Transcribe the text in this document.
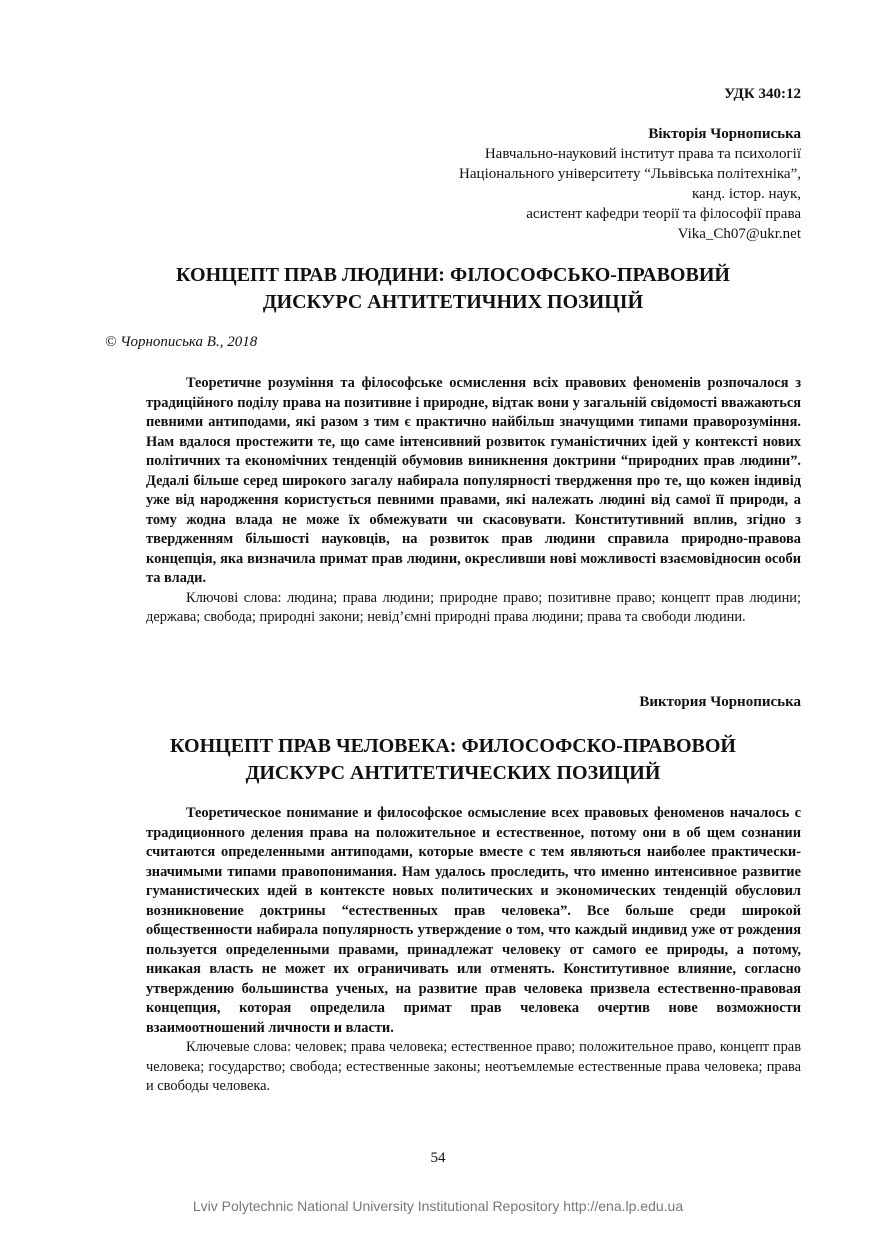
УДК 340:12
Вікторія Чорнописька
Навчально-науковий інститут права та психології
Національного університету “Львівська політехніка”,
канд. істор. наук,
асистент кафедри теорії та філософії права
Vika_Ch07@ukr.net
КОНЦЕПТ ПРАВ ЛЮДИНИ: ФІЛОСОФСЬКО-ПРАВОВИЙ
ДИСКУРС АНТИТЕТИЧНИХ ПОЗИЦІЙ
© Чорнописька В., 2018

Теоретичне розуміння та філософське осмислення всіх правових феноменів розпочалося з традиційного поділу права на позитивне і природне, відтак вони у загальній свідомості вважаються певними антиподами, які разом з тим є практично найбільш значущими типами праворозуміння. Нам вдалося простежити те, що саме інтенсивний розвиток гуманістичних ідей у контексті нових політичних та економічних тенденцій обумовив виникнення доктрини “природних прав людини”. Дедалі більше серед широкого загалу набирала популярності твердження про те, що кожен індивід уже від народження користується певними правами, які належать людині від самої її природи, а тому жодна влада не може їх обмежувати чи скасовувати. Конститутивний вплив, згідно з твердженням більшості науковців, на розвиток прав людини справила природно-правова концепція, яка визначила примат прав людини, окресливши нові можливості взаємовідносин особи та влади.

Ключові слова: людина; права людини; природне право; позитивне право; концепт прав людини; держава; свобода; природні закони; невід’ємні природні права людини; права та свободи людини.

Виктория Чорнописька
КОНЦЕПТ ПРАВ ЧЕЛОВЕКА: ФИЛОСОФСКО-ПРАВОВОЙ
ДИСКУРС АНТИТЕТИЧЕСКИХ ПОЗИЦИЙ

Теоретическое понимание и философское осмысление всех правовых феноменов началось с традиционного деления права на положительное и естественное, потому они в об щем сознании считаются определенными антиподами, которые вместе с тем являються наиболее практически-значимыми типами правопонимания. Нам удалось проследить, что именно интенсивное развитие гуманистических идей в контексте новых политических и экономических тенденцій обусловил возникновение доктрины “естественных прав человека”. Все больше среди широкой общественности набирала популярность утверждение о том, что каждый индивид уже от рождения пользуется определенными правами, принадлежат человеку от самого ее природы, а потому, никакая власть не может их ограничивать или отменять. Конститутивное влияние, согласно утверждению большинства ученых, на развитие прав человека призвела естественно-правовая концепция, которая определила примат прав человека очертив нове возможности взаимоотношений личности и власти.

Ключевые слова: человек; права человека; естественное право; положительное право, концепт прав человека; государство; свобода; естественные законы; неотъемлемые естественные права человека; права и свободы человека.

54
Lviv Polytechnic National University Institutional Repository http://ena.lp.edu.ua
